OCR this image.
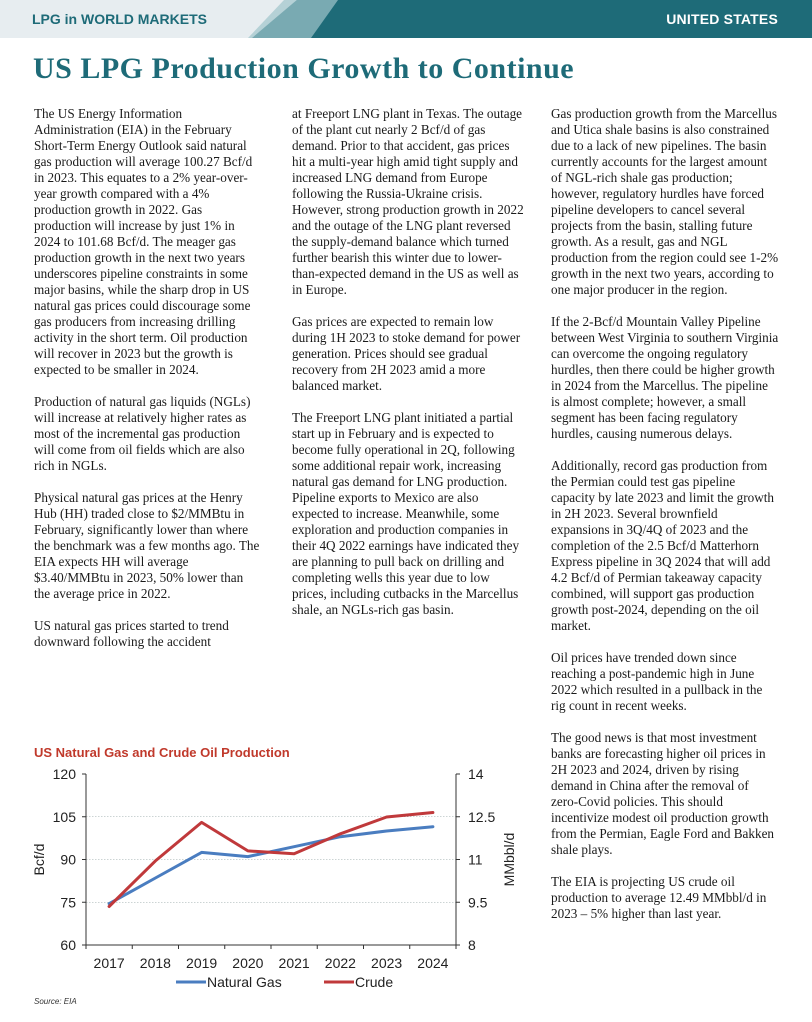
LPG in WORLD MARKETS	UNITED STATES
US LPG Production Growth to Continue

The US Energy Information Administration (EIA) in the February Short-Term Energy Outlook said natural gas production will average 100.27 Bcf/d in 2023. This equates to a 2% year-over-year growth compared with a 4% production growth in 2022. Gas production will increase by just 1% in 2024 to 101.68 Bcf/d. The meager gas production growth in the next two years underscores pipeline constraints in some major basins, while the sharp drop in US natural gas prices could discourage some gas producers from increasing drilling activity in the short term. Oil production will recover in 2023 but the growth is expected to be smaller in 2024.

Production of natural gas liquids (NGLs) will increase at relatively higher rates as most of the incremental gas production will come from oil fields which are also rich in NGLs.

Physical natural gas prices at the Henry Hub (HH) traded close to $2/MMBtu in February, significantly lower than where the benchmark was a few months ago. The EIA expects HH will average $3.40/MMBtu in 2023, 50% lower than the average price in 2022.

US natural gas prices started to trend downward following the accident

at Freeport LNG plant in Texas. The outage of the plant cut nearly 2 Bcf/d of gas demand. Prior to that accident, gas prices hit a multi-year high amid tight supply and increased LNG demand from Europe following the Russia-Ukraine crisis. However, strong production growth in 2022 and the outage of the LNG plant reversed the supply-demand balance which turned further bearish this winter due to lower-than-expected demand in the US as well as in Europe.

Gas prices are expected to remain low during 1H 2023 to stoke demand for power generation. Prices should see gradual recovery from 2H 2023 amid a more balanced market.

The Freeport LNG plant initiated a partial start up in February and is expected to become fully operational in 2Q, following some additional repair work, increasing natural gas demand for LNG production. Pipeline exports to Mexico are also expected to increase. Meanwhile, some exploration and production companies in their 4Q 2022 earnings have indicated they are planning to pull back on drilling and completing wells this year due to low prices, including cutbacks in the Marcellus shale, an NGLs-rich gas basin.

Gas production growth from the Marcellus and Utica shale basins is also constrained due to a lack of new pipelines. The basin currently accounts for the largest amount of NGL-rich shale gas production; however, regulatory hurdles have forced pipeline developers to cancel several projects from the basin, stalling future growth. As a result, gas and NGL production from the region could see 1-2% growth in the next two years, according to one major producer in the region.

If the 2-Bcf/d Mountain Valley Pipeline between West Virginia to southern Virginia can overcome the ongoing regulatory hurdles, then there could be higher growth in 2024 from the Marcellus. The pipeline is almost complete; however, a small segment has been facing regulatory hurdles, causing numerous delays.

Additionally, record gas production from the Permian could test gas pipeline capacity by late 2023 and limit the growth in 2H 2023. Several brownfield expansions in 3Q/4Q of 2023 and the completion of the 2.5 Bcf/d Matterhorn Express pipeline in 3Q 2024 that will add 4.2 Bcf/d of Permian takeaway capacity combined, will support gas production growth post-2024, depending on the oil market.

Oil prices have trended down since reaching a post-pandemic high in June 2022 which resulted in a pullback in the rig count in recent weeks.

The good news is that most investment banks are forecasting higher oil prices in 2H 2023 and 2024, driven by rising demand in China after the removal of zero-Covid policies. This should incentivize modest oil production growth from the Permian, Eagle Ford and Bakken shale plays.

The EIA is projecting US crude oil production to average 12.49 MMbbl/d in 2023 – 5% higher than last year.

US Natural Gas and Crude Oil Production
120
105
90
75
60
14
12.5
11
9.5
8
2017 2018 2019 2020 2021 2022 2023 2024
Bcf/d	MMbbl/d
Natural Gas	Crude
Source: EIA
